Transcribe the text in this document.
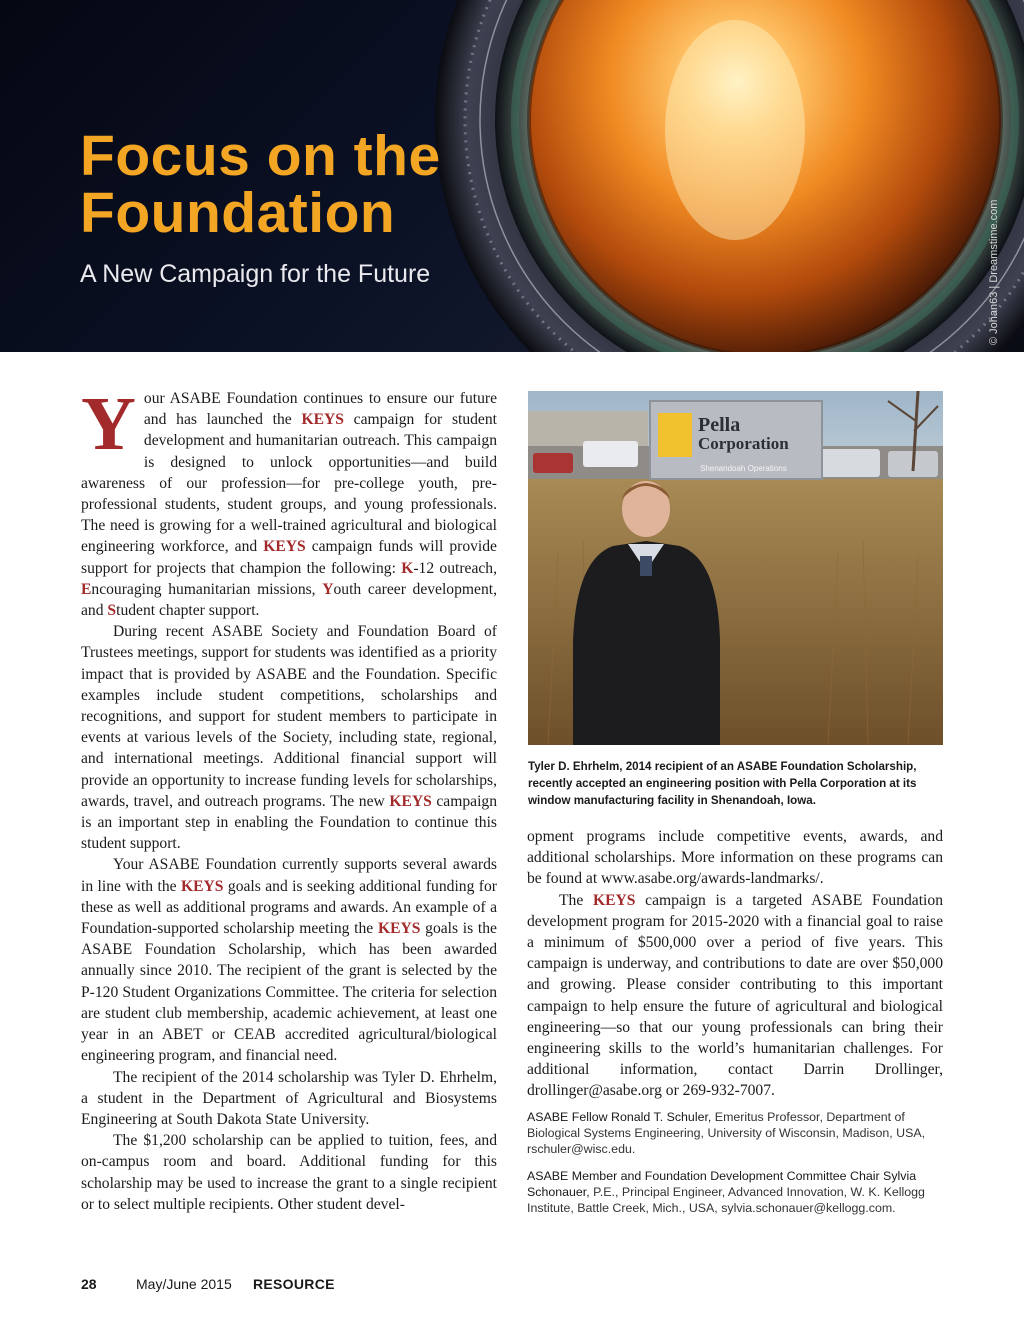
Focus on the
Foundation
A New Campaign for the Future	© Johan63 | Dreamstime.com

Your ASABE Foundation continues to ensure our future and has launched the KEYS campaign for student development and humanitarian outreach. This campaign is designed to unlock opportunities—and build awareness of our profession—for pre-college youth, pre-professional students, student groups, and young professionals. The need is growing for a well-trained agricultural and biological engineering workforce, and KEYS campaign funds will provide support for projects that champion the following: K-12 outreach, Encouraging humanitarian missions, Youth career development, and Student chapter support.

During recent ASABE Society and Foundation Board of Trustees meetings, support for students was identified as a priority impact that is provided by ASABE and the Foundation. Specific examples include student competitions, scholarships and recognitions, and support for student members to participate in events at various levels of the Society, including state, regional, and international meetings. Additional financial support will provide an opportunity to increase funding levels for scholarships, awards, travel, and outreach programs. The new KEYS campaign is an important step in enabling the Foundation to continue this student support.

Your ASABE Foundation currently supports several awards in line with the KEYS goals and is seeking additional funding for these as well as additional programs and awards. An example of a Foundation-supported scholarship meeting the KEYS goals is the ASABE Foundation Scholarship, which has been awarded annually since 2010. The recipient of the grant is selected by the P-120 Student Organizations Committee. The criteria for selection are student club membership, academic achievement, at least one year in an ABET or CEAB accredited agricultural/biological engineering program, and financial need.

The recipient of the 2014 scholarship was Tyler D. Ehrhelm, a student in the Department of Agricultural and Biosystems Engineering at South Dakota State University.

The $1,200 scholarship can be applied to tuition, fees, and on-campus room and board. Additional funding for this scholarship may be used to increase the grant to a single recipient or to select multiple recipients. Other student devel-

Pella
Corporation
Shenandoah Operations
Tyler D. Ehrhelm, 2014 recipient of an ASABE Foundation Scholarship, recently accepted an engineering position with Pella Corporation at its window manufacturing facility in Shenandoah, Iowa.

opment programs include competitive events, awards, and additional scholarships. More information on these programs can be found at www.asabe.org/awards-landmarks/.

The KEYS campaign is a targeted ASABE Foundation development program for 2015-2020 with a financial goal to raise a minimum of $500,000 over a period of five years. This campaign is underway, and contributions to date are over $50,000 and growing. Please consider contributing to this important campaign to help ensure the future of agricultural and biological engineering—so that our young professionals can bring their engineering skills to the world’s humanitarian challenges. For additional information, contact Darrin Drollinger, drollinger@asabe.org or 269-932-7007.

ASABE Fellow Ronald T. Schuler, Emeritus Professor, Department of Biological Systems Engineering, University of Wisconsin, Madison, USA, rschuler@wisc.edu.
ASABE Member and Foundation Development Committee Chair Sylvia Schonauer, P.E., Principal Engineer, Advanced Innovation, W. K. Kellogg Institute, Battle Creek, Mich., USA, sylvia.schonauer@kellogg.com.
28	May/June 2015 RESOURCE
